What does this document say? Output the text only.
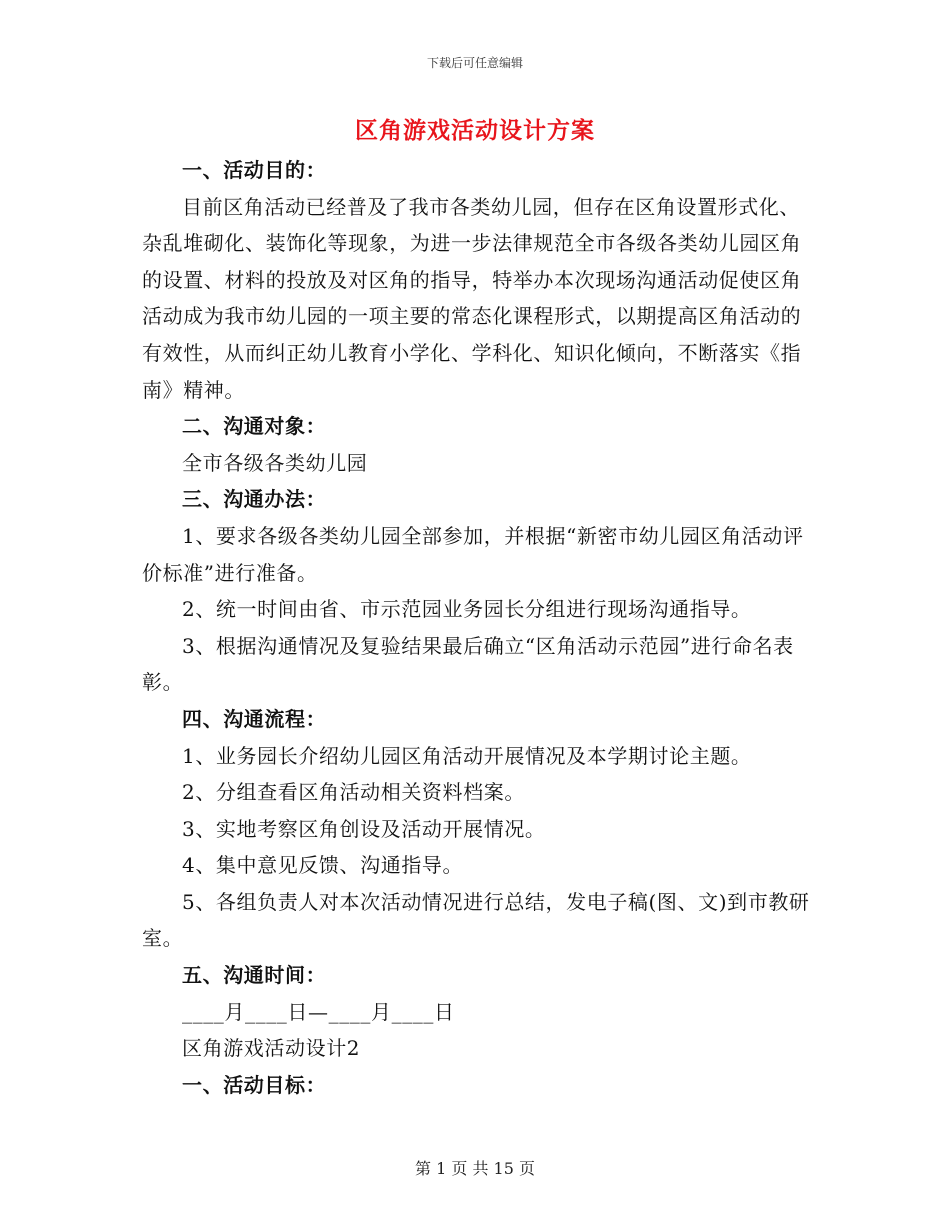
下载后可任意编辑
区角游戏活动设计方案

一、活动目的：

目前区角活动已经普及了我市各类幼儿园，但存在区角设置形式化、杂乱堆砌化、装饰化等现象，为进一步法律规范全市各级各类幼儿园区角的设置、材料的投放及对区角的指导，特举办本次现场沟通活动促使区角活动成为我市幼儿园的一项主要的常态化课程形式，以期提高区角活动的有效性，从而纠正幼儿教育小学化、学科化、知识化倾向，不断落实《指南》精神。

二、沟通对象：

全市各级各类幼儿园

三、沟通办法：

1、要求各级各类幼儿园全部参加，并根据“新密市幼儿园区角活动评价标准”进行准备。

2、统一时间由省、市示范园业务园长分组进行现场沟通指导。

3、根据沟通情况及复验结果最后确立“区角活动示范园”进行命名表彰。

四、沟通流程：

1、业务园长介绍幼儿园区角活动开展情况及本学期讨论主题。

2、分组查看区角活动相关资料档案。

3、实地考察区角创设及活动开展情况。

4、集中意见反馈、沟通指导。

5、各组负责人对本次活动情况进行总结，发电子稿(图、文)到市教研室。

五、沟通时间：

____月____日—____月____日

区角游戏活动设计2

一、活动目标：

第 1 页 共 15 页
